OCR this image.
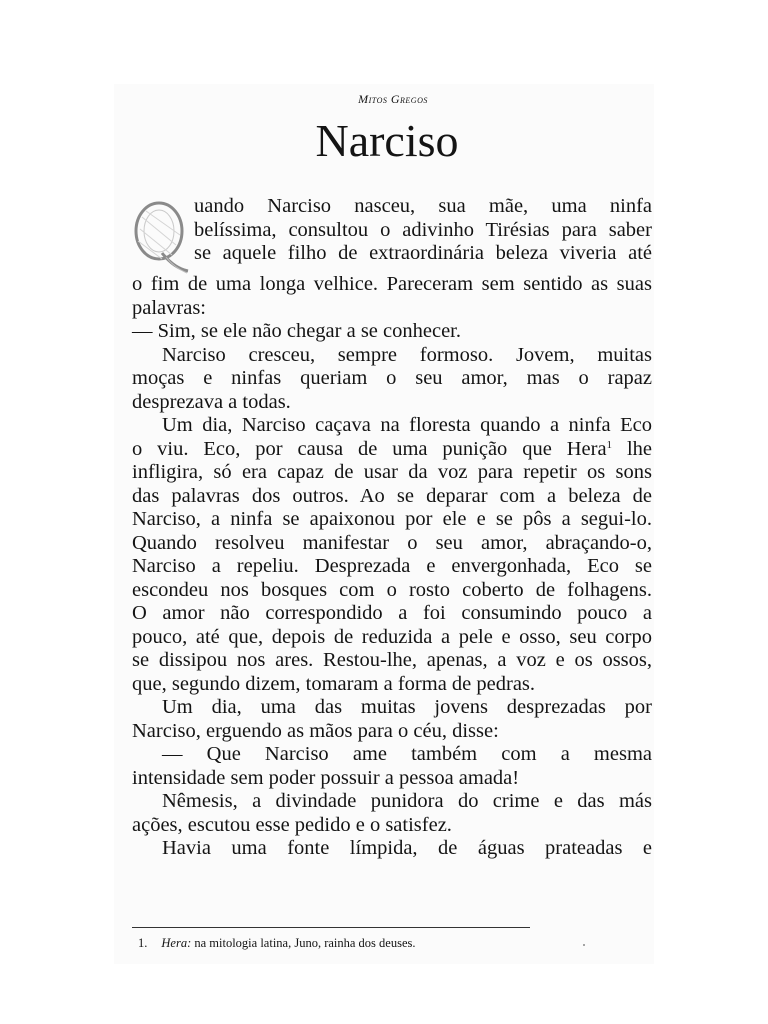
Mitos Gregos
Narciso
uando Narciso nasceu, sua mãe, uma ninfa
belíssima, consultou o adivinho Tirésias para saber
se aquele filho de extraordinária beleza viveria até
o fim de uma longa velhice. Pareceram sem sentido as suas
palavras:
— Sim, se ele não chegar a se conhecer.
Narciso cresceu, sempre formoso. Jovem, muitas
moças e ninfas queriam o seu amor, mas o rapaz
desprezava a todas.
Um dia, Narciso caçava na floresta quando a ninfa Eco
o viu. Eco, por causa de uma punição que Hera$^1$ lhe
infligira, só era capaz de usar da voz para repetir os sons
das palavras dos outros. Ao se deparar com a beleza de
Narciso, a ninfa se apaixonou por ele e se pôs a segui-lo.
Quando resolveu manifestar o seu amor, abraçando-o,
Narciso a repeliu. Desprezada e envergonhada, Eco se
escondeu nos bosques com o rosto coberto de folhagens.
O amor não correspondido a foi consumindo pouco a
pouco, até que, depois de reduzida a pele e osso, seu corpo
se dissipou nos ares. Restou-lhe, apenas, a voz e os ossos,
que, segundo dizem, tomaram a forma de pedras.
Um dia, uma das muitas jovens desprezadas por
Narciso, erguendo as mãos para o céu, disse:
— Que Narciso ame também com a mesma
intensidade sem poder possuir a pessoa amada!
Nêmesis, a divindade punidora do crime e das más
ações, escutou esse pedido e o satisfez.
Havia uma fonte límpida, de águas prateadas e
1. Hera: na mitologia latina, Juno, rainha dos deuses.
